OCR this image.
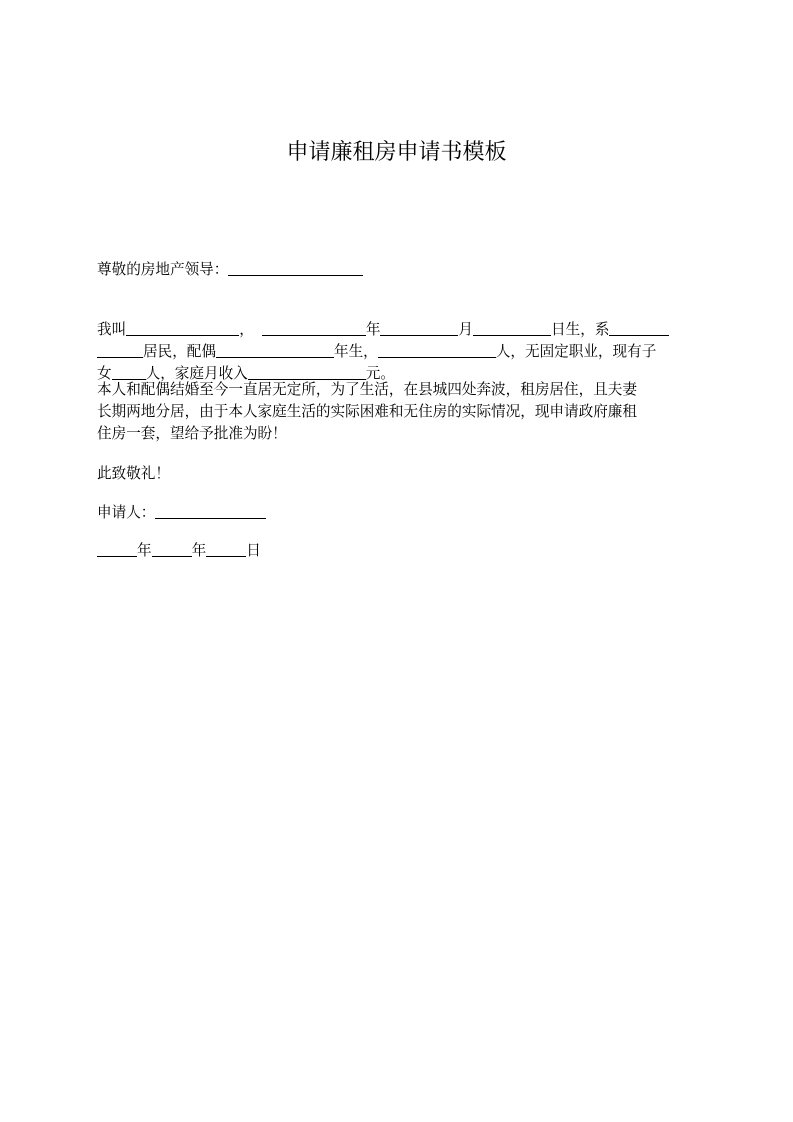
申请廉租房申请书模板

尊敬的房地产领导：

我叫	，	年	月	日生，系
居民，配偶	年生，	人，无固定职业，现有子
女 人，家庭月收入	元。
本人和配偶结婚至今一直居无定所，为了生活，在县城四处奔波，租房居住，且夫妻
长期两地分居，由于本人家庭生活的实际困难和无住房的实际情况，现申请政府廉租
住房一套，望给予批准为盼！

此致敬礼！

申请人：

年	年	日
